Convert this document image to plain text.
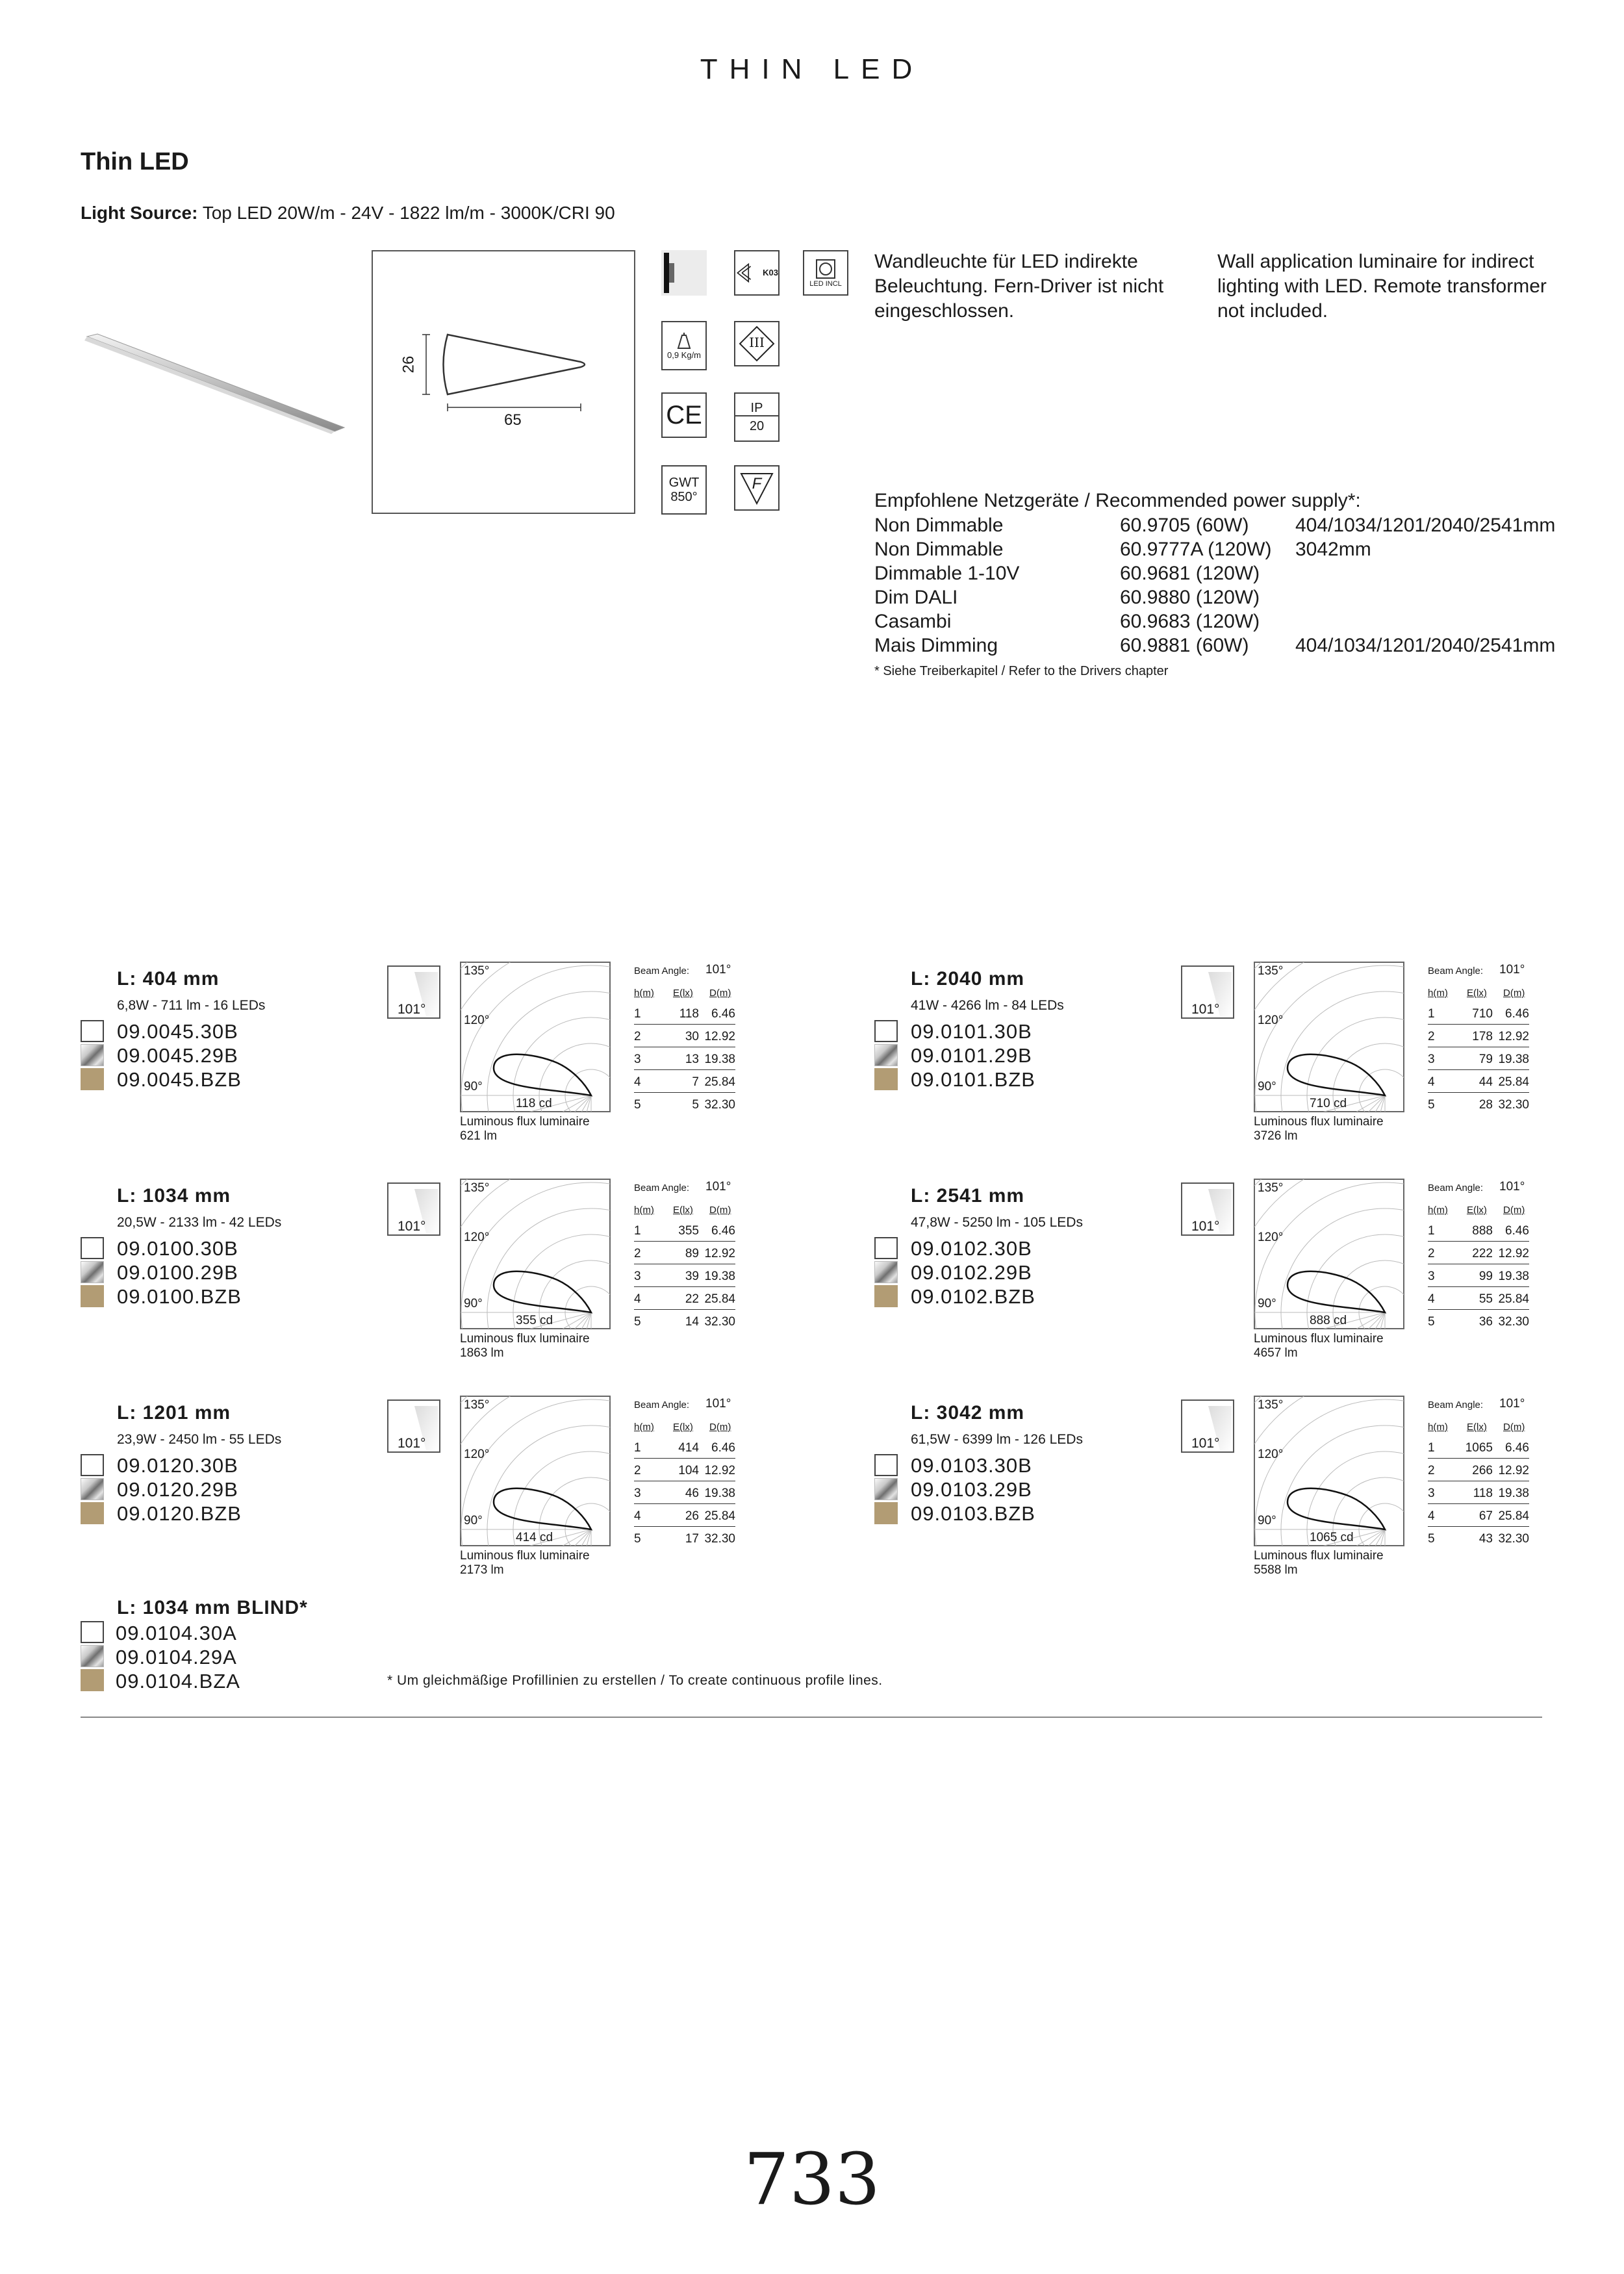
THIN LED
Thin LED
Light Source: Top LED 20W/m - 24V - 1822 lm/m - 3000K/CRI 90
26
65
K03
LED INCL
0,9 Kg/m
III
CE	IP
20
GWT
850°
F
Wandleuchte für LED indirekte Beleuchtung. Fern-Driver ist nicht eingeschlossen.
Wall application luminaire for indirect lighting with LED. Remote transformer not included.
Empfohlene Netzgeräte / Recommended power supply*:
Non Dimmable	60.9705 (60W)	404/1034/1201/2040/2541mm
Non Dimmable	60.9777A (120W)	3042mm
Dimmable 1-10V	60.9681 (120W)	
Dim DALI	60.9880 (120W)	
Casambi	60.9683 (120W)	
Mais Dimming	60.9881 (60W)	404/1034/1201/2040/2541mm
* Siehe Treiberkapitel / Refer to the Drivers chapter
L: 404 mm
6,8W - 711 lm - 16 LEDs
09.0045.30B
09.0045.29B
09.0045.BZB
101°
135°
120°
90°
118 cd
Luminous flux luminaire
621 lm
Beam Angle: 101°
h(m) E(lx) D(m)
1	118	6.46
2	30 12.92
3	13 19.38
4	7 25.84
5	5 32.30
L: 2040 mm
41W - 4266 lm - 84 LEDs
09.0101.30B
09.0101.29B
09.0101.BZB
101°
135°
120°
90°
710 cd
Luminous flux luminaire
3726 lm
Beam Angle: 101°
h(m) E(lx) D(m)
1	710	6.46
2	178 12.92
3	79 19.38
4	44 25.84
5	28 32.30
L: 1034 mm
20,5W - 2133 lm - 42 LEDs
09.0100.30B
09.0100.29B
09.0100.BZB
101°
135°
120°
90°
355 cd
Luminous flux luminaire
1863 lm
Beam Angle: 101°
h(m) E(lx) D(m)
1	355	6.46
2	89 12.92
3	39 19.38
4	22 25.84
5	14 32.30
L: 2541 mm
47,8W - 5250 lm - 105 LEDs
09.0102.30B
09.0102.29B
09.0102.BZB
101°
135°
120°
90°
888 cd
Luminous flux luminaire
4657 lm
Beam Angle: 101°
h(m) E(lx) D(m)
1	888	6.46
2	222 12.92
3	99 19.38
4	55 25.84
5	36 32.30
L: 1201 mm
23,9W - 2450 lm - 55 LEDs
09.0120.30B
09.0120.29B
09.0120.BZB
101°
135°
120°
90°
414 cd
Luminous flux luminaire
2173 lm
Beam Angle: 101°
h(m) E(lx) D(m)
1	414	6.46
2	104 12.92
3	46 19.38
4	26 25.84
5	17 32.30
L: 3042 mm
61,5W - 6399 lm - 126 LEDs
09.0103.30B
09.0103.29B
09.0103.BZB
101°
135°
120°
90°
1065 cd
Luminous flux luminaire
5588 lm
Beam Angle: 101°
h(m) E(lx) D(m)
1	1065	6.46
2	266 12.92
3	118 19.38
4	67 25.84
5	43 32.30
L: 1034 mm BLIND*
09.0104.30A
09.0104.29A
09.0104.BZA	* Um gleichmäßige Profillinien zu erstellen / To create continuous profile lines.
733
